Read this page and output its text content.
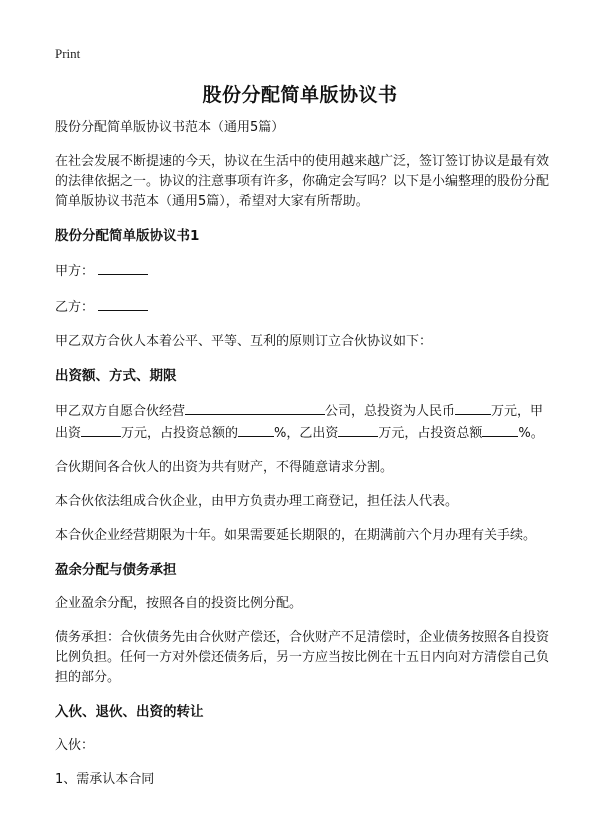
Print
股份分配简单版协议书

股份分配简单版协议书范本（通用5篇）

在社会发展不断提速的今天，协议在生活中的使用越来越广泛，签订签订协议是最有效的法律依据之一。协议的注意事项有许多，你确定会写吗？以下是小编整理的股份分配简单版协议书范本（通用5篇），希望对大家有所帮助。

股份分配简单版协议书1

甲方：

乙方：

甲乙双方合伙人本着公平、平等、互利的原则订立合伙协议如下：

出资额、方式、期限

甲乙双方自愿合伙经营	公司，总投资为人民币	万元，甲出资	万元，占投资总额的	%，乙出资	万元，占投资总额	%。

合伙期间各合伙人的出资为共有财产，不得随意请求分割。

本合伙依法组成合伙企业，由甲方负责办理工商登记，担任法人代表。

本合伙企业经营期限为十年。如果需要延长期限的，在期满前六个月办理有关手续。

盈余分配与债务承担

企业盈余分配，按照各自的投资比例分配。

债务承担：合伙债务先由合伙财产偿还，合伙财产不足清偿时，企业债务按照各自投资比例负担。任何一方对外偿还债务后，另一方应当按比例在十五日内向对方清偿自己负担的部分。

入伙、退伙、出资的转让

入伙：

1、需承认本合同
